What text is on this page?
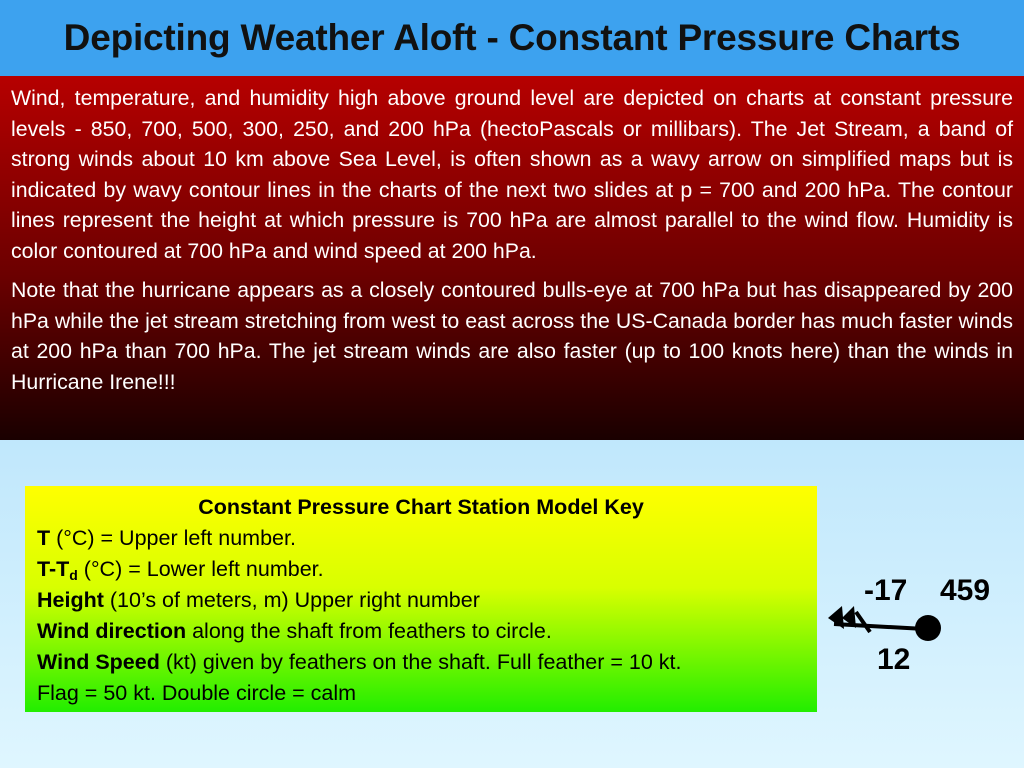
Depicting Weather Aloft - Constant Pressure Charts

Wind, temperature, and humidity high above ground level are depicted on charts at constant pressure levels - 850, 700, 500, 300, 250, and 200 hPa (hectoPascals or millibars). The Jet Stream, a band of strong winds about 10 km above Sea Level, is often shown as a wavy arrow on simplified maps but is indicated by wavy contour lines in the charts of the next two slides at p = 700 and 200 hPa. The contour lines represent the height at which pressure is 700 hPa are almost parallel to the wind flow. Humidity is color contoured at 700 hPa and wind speed at 200 hPa.

Note that the hurricane appears as a closely contoured bulls-eye at 700 hPa but has disappeared by 200 hPa while the jet stream stretching from west to east across the US-Canada border has much faster winds at 200 hPa than 700 hPa. The jet stream winds are also faster (up to 100 knots here) than the winds in Hurricane Irene!!!

Constant Pressure Chart Station Model Key
T (°C) = Upper left number.
$T-T_d$ (°C) = Lower left number.
Height (10’s of meters, m) Upper right number
Wind direction along the shaft from feathers to circle.
Wind Speed (kt) given by feathers on the shaft. Full feather = 10 kt.
Flag = 50 kt. Double circle = calm
-17 459
12
